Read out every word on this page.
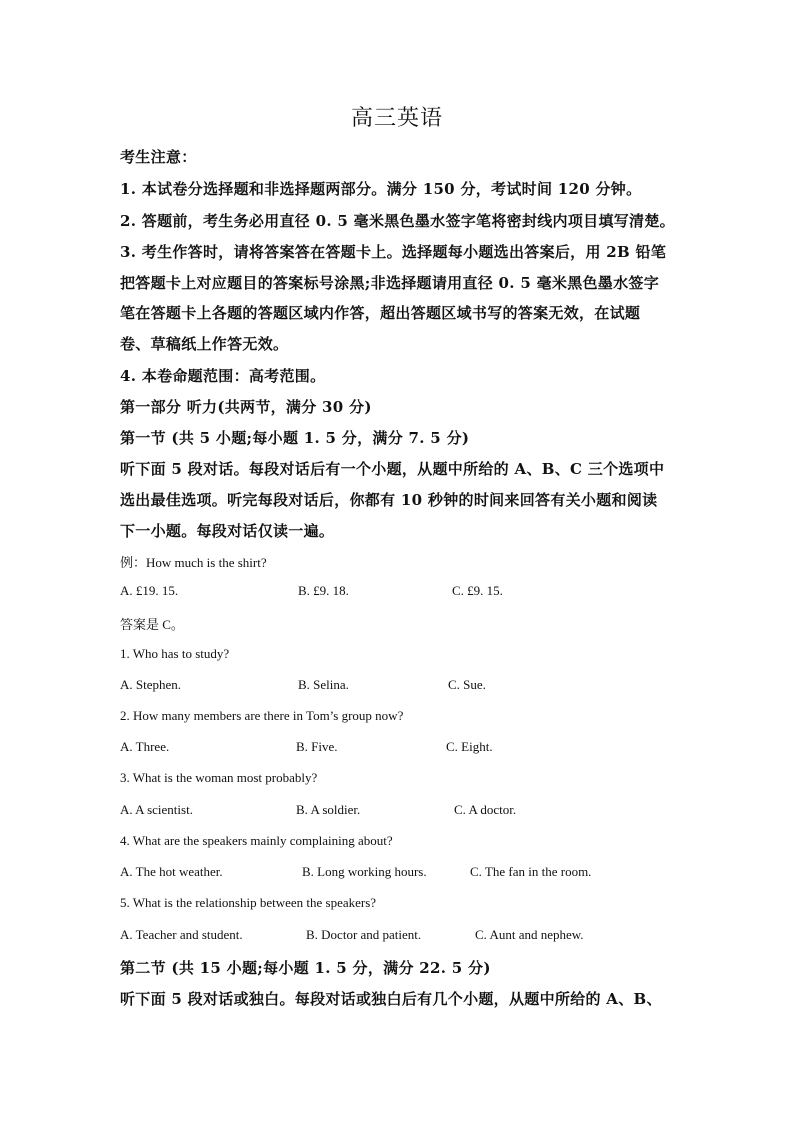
高三英语
考生注意：
1. 本试卷分选择题和非选择题两部分。满分 150 分，考试时间 120 分钟。
2. 答题前，考生务必用直径 0. 5 毫米黑色墨水签字笔将密封线内项目填写清楚。
3. 考生作答时，请将答案答在答题卡上。选择题每小题选出答案后，用 2B 铅笔
把答题卡上对应题目的答案标号涂黑;非选择题请用直径 0. 5 毫米黑色墨水签字
笔在答题卡上各题的答题区域内作答，超出答题区域书写的答案无效，在试题
卷、草稿纸上作答无效。
4. 本卷命题范围：高考范围。
第一部分 听力(共两节，满分 30 分)
第一节 (共 5 小题;每小题 1. 5 分，满分 7. 5 分)
听下面 5 段对话。每段对话后有一个小题，从题中所给的 A、B、C 三个选项中
选出最佳选项。听完每段对话后，你都有 10 秒钟的时间来回答有关小题和阅读
下一小题。每段对话仅读一遍。
例：How much is the shirt?
A. £19. 15.	B. £9. 18.	C. £9. 15.
答案是 C。
1. Who has to study?
A. Stephen.	B. Selina.	C. Sue.
2. How many members are there in Tom’s group now?
A. Three.	B. Five.	C. Eight.
3. What is the woman most probably?
A. A scientist.	B. A soldier.	C. A doctor.
4. What are the speakers mainly complaining about?
A. The hot weather.	B. Long working hours.	C. The fan in the room.
5. What is the relationship between the speakers?
A. Teacher and student.	B. Doctor and patient.	C. Aunt and nephew.
第二节 (共 15 小题;每小题 1. 5 分，满分 22. 5 分)
听下面 5 段对话或独白。每段对话或独白后有几个小题，从题中所给的 A、B、
